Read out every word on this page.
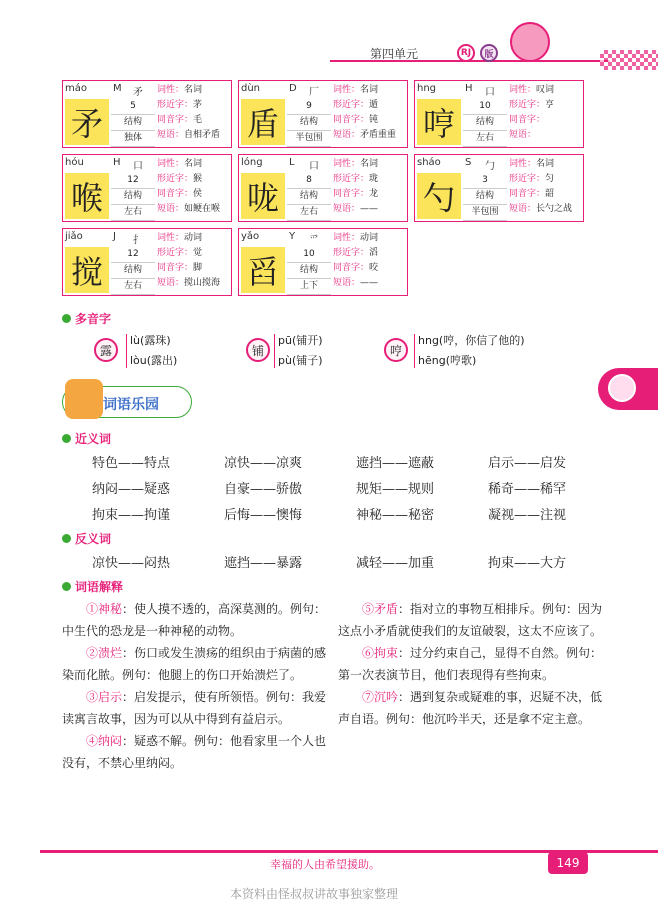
第四单元	RJ	版
máo	M	矛
矛	5
结构
独体
词性：名词
形近字：茅
同音字：毛
短语：自相矛盾
dùn	D	厂
盾	9
结构
半包围
词性：名词
形近字：遁
同音字：钝
短语：矛盾重重
hng	H	口
哼	10
结构
左右
词性：叹词
形近字：亨
同音字：
短语：
hóu	H	口
喉	12
结构
左右
词性：名词
形近字：猴
同音字：侯
短语：如鲠在喉
lóng	L	口
咙	8
结构
左右
词性：名词
形近字：珑
同音字：龙
短语：——
sháo	S	勹
勺	3
结构
半包围
词性：名词
形近字：匀
同音字：韶
短语：长勺之战
jiǎo	J	扌
搅	12
结构
左右
词性：动词
形近字：觉
同音字：脚
短语：搅山搅海
yǎo	Y	爫
舀	10
结构
上下
词性：动词
形近字：滔
同音字：咬
短语：——
多音字
露
lù(露珠)
lòu(露出)
铺
pū(铺开)
pù(铺子)
哼
hng(哼，你信了他的)
hēng(哼歌)
词语乐园
近义词
特色——特点	凉快——凉爽	遮挡——遮蔽	启示——启发
纳闷——疑惑	自豪——骄傲	规矩——规则	稀奇——稀罕
拘束——拘谨	后悔——懊悔	神秘——秘密	凝视——注视
反义词
凉快——闷热	遮挡——暴露	减轻——加重	拘束——大方
词语解释

①神秘：使人摸不透的，高深莫测的。例句：中生代的恐龙是一种神秘的动物。

②溃烂：伤口或发生溃疡的组织由于病菌的感染而化脓。例句：他腿上的伤口开始溃烂了。

③启示：启发提示，使有所领悟。例句：我爱读寓言故事，因为可以从中得到有益启示。

④纳闷：疑惑不解。例句：他看家里一个人也没有，不禁心里纳闷。

⑤矛盾：指对立的事物互相排斥。例句：因为这点小矛盾就使我们的友谊破裂，这太不应该了。

⑥拘束：过分约束自己，显得不自然。例句：第一次表演节目，他们表现得有些拘束。

⑦沉吟：遇到复杂或疑难的事，迟疑不决，低声自语。例句：他沉吟半天，还是拿不定主意。

幸福的人由希望援助。	149
本资料由怪叔叔讲故事独家整理
